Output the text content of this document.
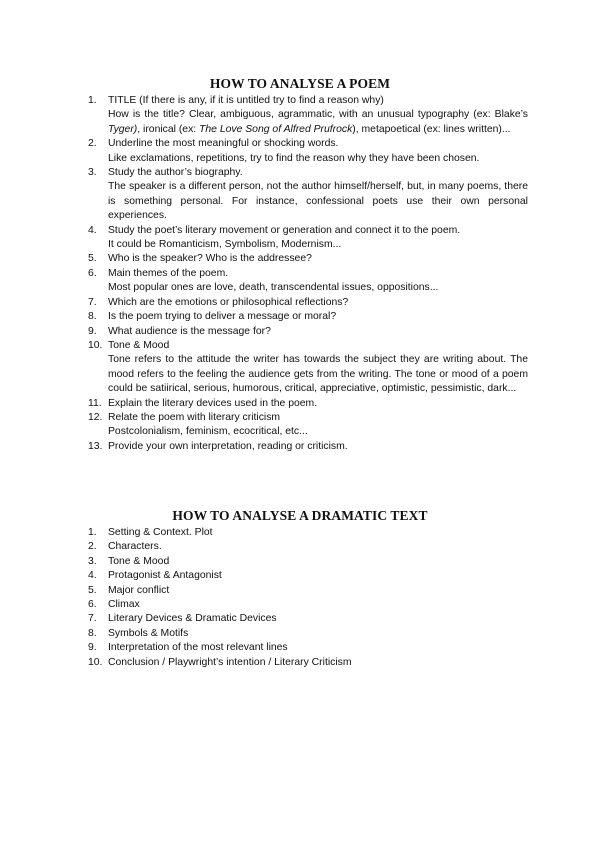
HOW TO ANALYSE A POEM
1. TITLE (If there is any, if it is untitled try to find a reason why)
How is the title? Clear, ambiguous, agrammatic, with an unusual typography (ex: Blake’s Tyger), ironical (ex: The Love Song of Alfred Prufrock), metapoetical (ex: lines written)...
2. Underline the most meaningful or shocking words.
Like exclamations, repetitions, try to find the reason why they have been chosen.
3. Study the author’s biography.
The speaker is a different person, not the author himself/herself, but, in many poems, there is something personal. For instance, confessional poets use their own personal experiences.
4. Study the poet’s literary movement or generation and connect it to the poem.
It could be Romanticism, Symbolism, Modernism...
5. Who is the speaker? Who is the addressee?
6. Main themes of the poem.
Most popular ones are love, death, transcendental issues, oppositions...
7. Which are the emotions or philosophical reflections?
8. Is the poem trying to deliver a message or moral?
9. What audience is the message for?
10. Tone & Mood
Tone refers to the attitude the writer has towards the subject they are writing about. The mood refers to the feeling the audience gets from the writing. The tone or mood of a poem could be satiirical, serious, humorous, critical, appreciative, optimistic, pessimistic, dark...
11. Explain the literary devices used in the poem.
12. Relate the poem with literary criticism
Postcolonialism, feminism, ecocritical, etc...
13. Provide your own interpretation, reading or criticism.
HOW TO ANALYSE A DRAMATIC TEXT
1. Setting & Context. Plot
2. Characters.
3. Tone & Mood
4. Protagonist & Antagonist
5. Major conflict
6. Climax
7. Literary Devices & Dramatic Devices
8. Symbols & Motifs
9. Interpretation of the most relevant lines
10. Conclusion / Playwright’s intention / Literary Criticism
